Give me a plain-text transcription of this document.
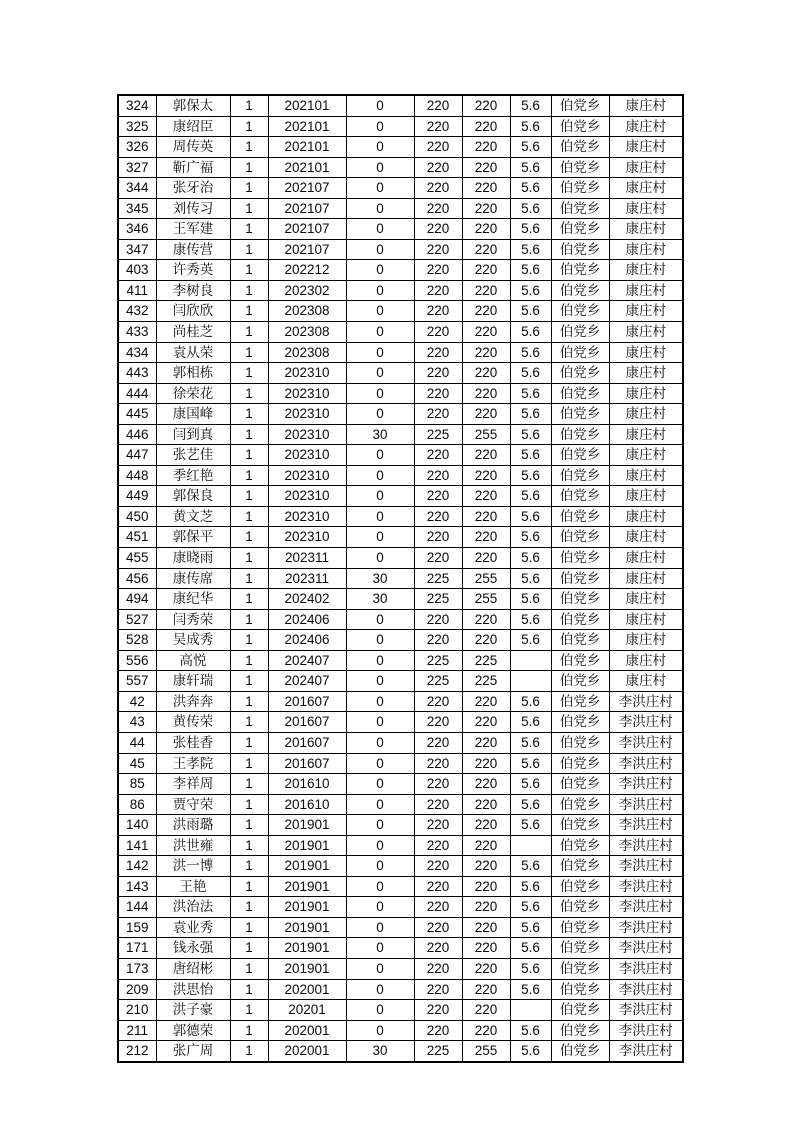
324	郭保太	1	202101	0	220	220	5.6	伯党乡	康庄村
325	康绍臣	1	202101	0	220	220	5.6	伯党乡	康庄村
326	周传英	1	202101	0	220	220	5.6	伯党乡	康庄村
327	靳广福	1	202101	0	220	220	5.6	伯党乡	康庄村
344	张牙治	1	202107	0	220	220	5.6	伯党乡	康庄村
345	刘传习	1	202107	0	220	220	5.6	伯党乡	康庄村
346	王军建	1	202107	0	220	220	5.6	伯党乡	康庄村
347	康传营	1	202107	0	220	220	5.6	伯党乡	康庄村
403	许秀英	1	202212	0	220	220	5.6	伯党乡	康庄村
411	李树良	1	202302	0	220	220	5.6	伯党乡	康庄村
432	闫欣欣	1	202308	0	220	220	5.6	伯党乡	康庄村
433	尚桂芝	1	202308	0	220	220	5.6	伯党乡	康庄村
434	袁从荣	1	202308	0	220	220	5.6	伯党乡	康庄村
443	郭相栋	1	202310	0	220	220	5.6	伯党乡	康庄村
444	徐荣花	1	202310	0	220	220	5.6	伯党乡	康庄村
445	康国峰	1	202310	0	220	220	5.6	伯党乡	康庄村
446	闫到真	1	202310	30	225	255	5.6	伯党乡	康庄村
447	张艺佳	1	202310	0	220	220	5.6	伯党乡	康庄村
448	季红艳	1	202310	0	220	220	5.6	伯党乡	康庄村
449	郭保良	1	202310	0	220	220	5.6	伯党乡	康庄村
450	黄文芝	1	202310	0	220	220	5.6	伯党乡	康庄村
451	郭保平	1	202310	0	220	220	5.6	伯党乡	康庄村
455	康晓雨	1	202311	0	220	220	5.6	伯党乡	康庄村
456	康传席	1	202311	30	225	255	5.6	伯党乡	康庄村
494	康纪华	1	202402	30	225	255	5.6	伯党乡	康庄村
527	闫秀荣	1	202406	0	220	220	5.6	伯党乡	康庄村
528	吴成秀	1	202406	0	220	220	5.6	伯党乡	康庄村
556	高悦	1	202407	0	225	225		伯党乡	康庄村
557	康轩瑞	1	202407	0	225	225		伯党乡	康庄村
42	洪奔奔	1	201607	0	220	220	5.6	伯党乡	李洪庄村
43	黄传荣	1	201607	0	220	220	5.6	伯党乡	李洪庄村
44	张桂香	1	201607	0	220	220	5.6	伯党乡	李洪庄村
45	王孝院	1	201607	0	220	220	5.6	伯党乡	李洪庄村
85	李祥周	1	201610	0	220	220	5.6	伯党乡	李洪庄村
86	贾守荣	1	201610	0	220	220	5.6	伯党乡	李洪庄村
140	洪雨璐	1	201901	0	220	220	5.6	伯党乡	李洪庄村
141	洪世雍	1	201901	0	220	220		伯党乡	李洪庄村
142	洪一博	1	201901	0	220	220	5.6	伯党乡	李洪庄村
143	王艳	1	201901	0	220	220	5.6	伯党乡	李洪庄村
144	洪治法	1	201901	0	220	220	5.6	伯党乡	李洪庄村
159	袁业秀	1	201901	0	220	220	5.6	伯党乡	李洪庄村
171	钱永强	1	201901	0	220	220	5.6	伯党乡	李洪庄村
173	唐绍彬	1	201901	0	220	220	5.6	伯党乡	李洪庄村
209	洪思怡	1	202001	0	220	220	5.6	伯党乡	李洪庄村
210	洪子豪	1	20201	0	220	220		伯党乡	李洪庄村
211	郭德荣	1	202001	0	220	220	5.6	伯党乡	李洪庄村
212	张广周	1	202001	30	225	255	5.6	伯党乡	李洪庄村
